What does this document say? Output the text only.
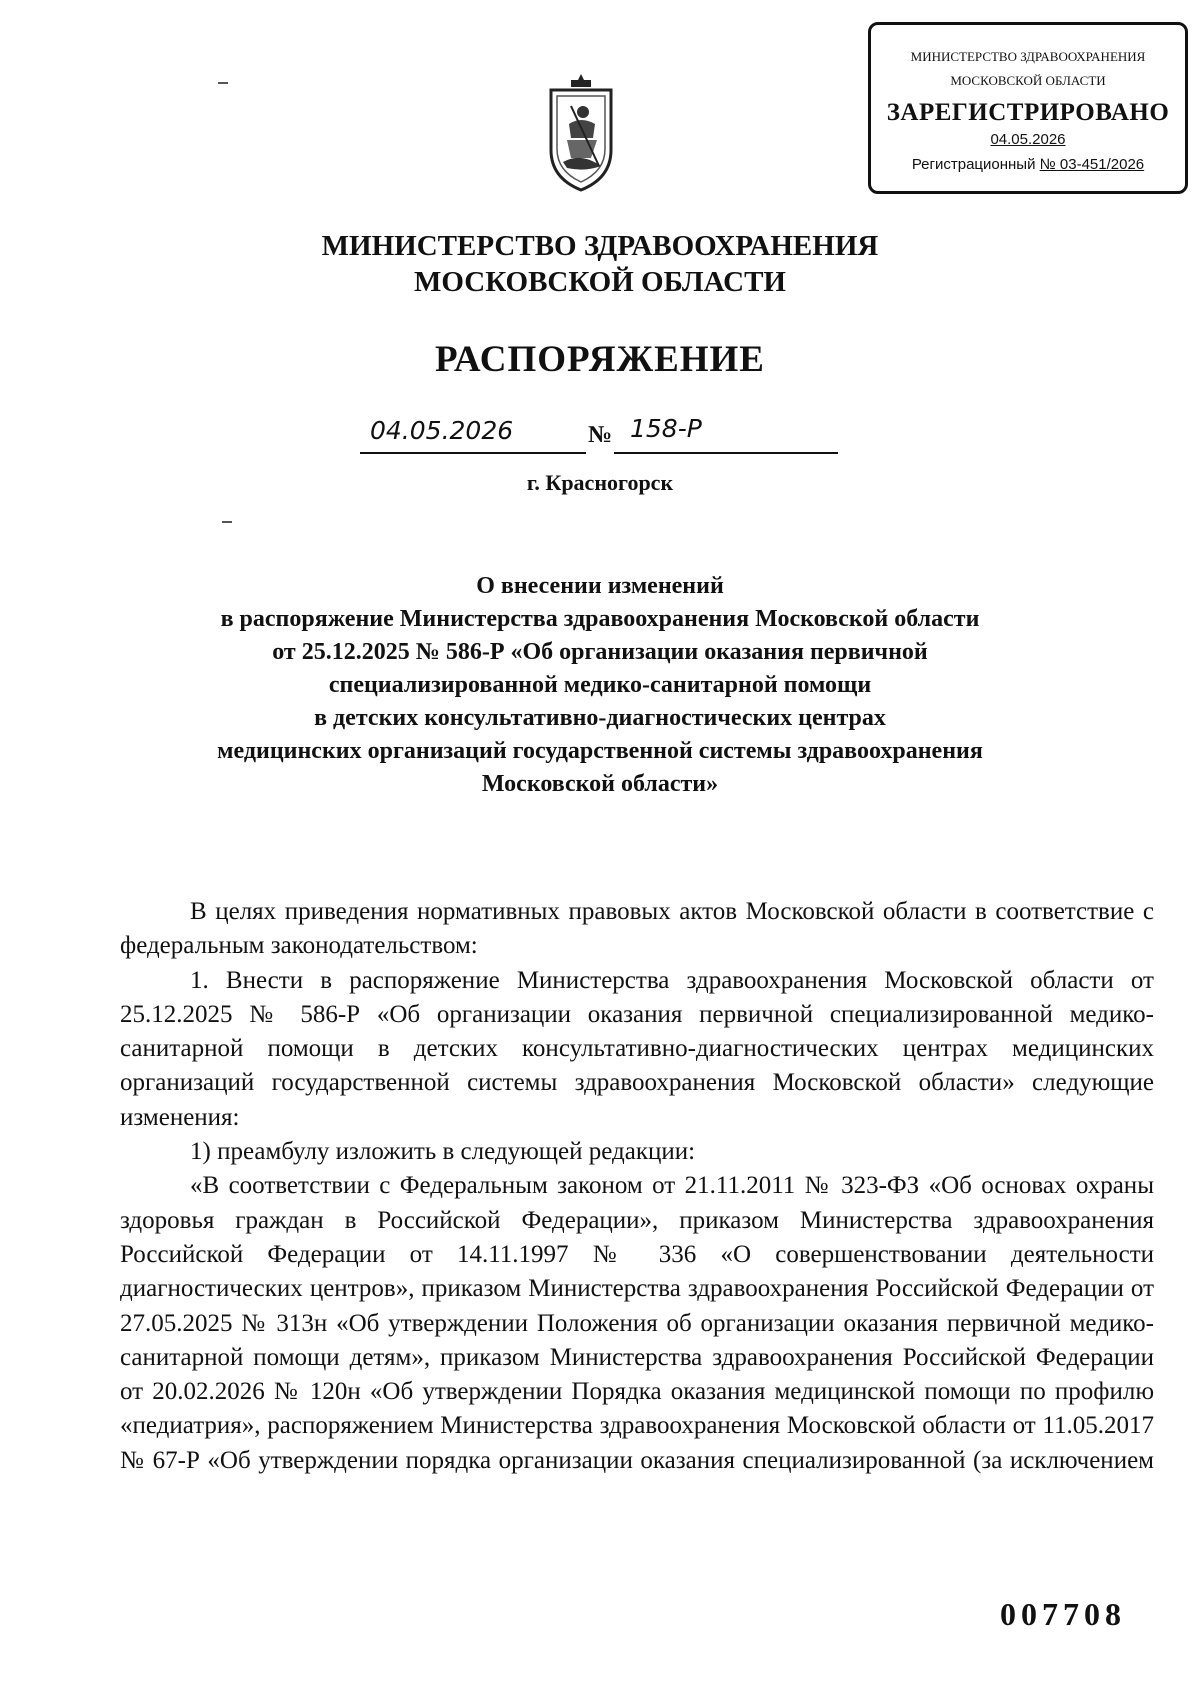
МИНИСТЕРСТВО ЗДРАВООХРАНЕНИЯ
МОСКОВСКОЙ ОБЛАСТИ
ЗАРЕГИСТРИРОВАНО
04.05.2026
Регистрационный № 03-451/2026
МИНИСТЕРСТВО ЗДРАВООХРАНЕНИЯ
МОСКОВСКОЙ ОБЛАСТИ
РАСПОРЯЖЕНИЕ
04.05.2026	№ 158-Р
г. Красногорск
О внесении изменений
в распоряжение Министерства здравоохранения Московской области
от 25.12.2025 № 586-Р «Об организации оказания первичной
специализированной медико-санитарной помощи
в детских консультативно-диагностических центрах
медицинских организаций государственной системы здравоохранения
Московской области»

В целях приведения нормативных правовых актов Московской области в соответствие с федеральным законодательством:

1. Внести в распоряжение Министерства здравоохранения Московской области от 25.12.2025 № 586-Р «Об организации оказания первичной специализированной медико-санитарной помощи в детских консультативно-диагностических центрах медицинских организаций государственной системы здравоохранения Московской области» следующие изменения:

1) преамбулу изложить в следующей редакции:

«В соответствии с Федеральным законом от 21.11.2011 № 323-ФЗ «Об основах охраны здоровья граждан в Российской Федерации», приказом Министерства здравоохранения Российской Федерации от 14.11.1997 № 336 «О совершенствовании деятельности диагностических центров», приказом Министерства здравоохранения Российской Федерации от 27.05.2025 № 313н «Об утверждении Положения об организации оказания первичной медико-санитарной помощи детям», приказом Министерства здравоохранения Российской Федерации от 20.02.2026 № 120н «Об утверждении Порядка оказания медицинской помощи по профилю «педиатрия», распоряжением Министерства здравоохранения Московской области от 11.05.2017 № 67-Р «Об утверждении порядка организации оказания специализированной (за исключением

007708
